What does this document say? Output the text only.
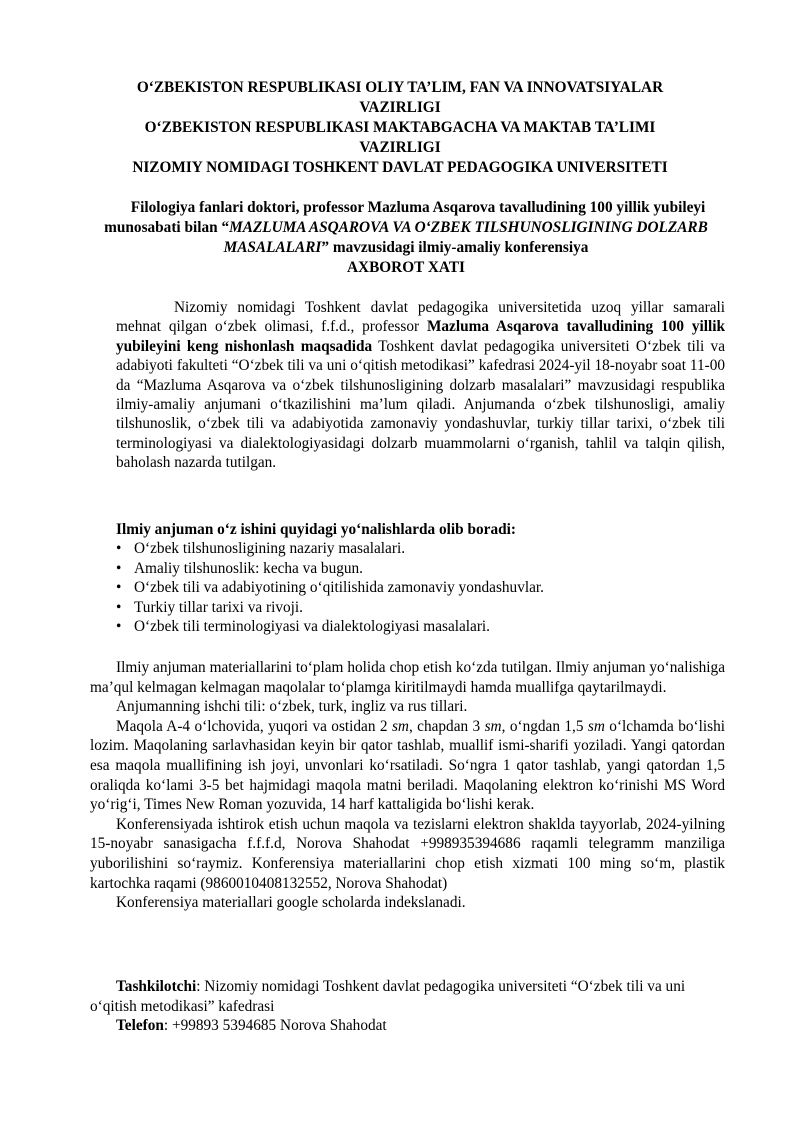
O‘ZBEKISTON RESPUBLIKASI OLIY TA’LIM, FAN VA INNOVATSIYALAR
VAZIRLIGI
O‘ZBEKISTON RESPUBLIKASI MAKTABGACHA VA MAKTAB TA’LIMI
VAZIRLIGI
NIZOMIY NOMIDAGI TOSHKENT DAVLAT PEDAGOGIKA UNIVERSITETI

Filologiya fanlari doktori, professor Mazluma Asqarova tavalludining 100 yillik yubileyi munosabati bilan “MAZLUMA ASQAROVA VA O‘ZBEK TILSHUNOSLIGINING DOLZARB MASALALARI” mavzusidagi ilmiy-amaliy konferensiya

AXBOROT XATI

Nizomiy nomidagi Toshkent davlat pedagogika universitetida uzoq yillar samarali mehnat qilgan o‘zbek olimasi, f.f.d., professor Mazluma Asqarova tavalludining 100 yillik yubileyini keng nishonlash maqsadida Toshkent davlat pedagogika universiteti O‘zbek tili va adabiyoti fakulteti “O‘zbek tili va uni o‘qitish metodikasi” kafedrasi 2024-yil 18-noyabr soat 11-00 da “Mazluma Asqarova va o‘zbek tilshunosligining dolzarb masalalari” mavzusidagi respublika ilmiy-amaliy anjumani o‘tkazilishini ma’lum qiladi. Anjumanda o‘zbek tilshunosligi, amaliy tilshunoslik, o‘zbek tili va adabiyotida zamonaviy yondashuvlar, turkiy tillar tarixi, o‘zbek tili terminologiyasi va dialektologiyasidagi dolzarb muammolarni o‘rganish, tahlil va talqin qilish, baholash nazarda tutilgan.

Ilmiy anjuman o‘z ishini quyidagi yo‘nalishlarda olib boradi:
• O‘zbek tilshunosligining nazariy masalalari.
• Amaliy tilshunoslik: kecha va bugun.
• O‘zbek tili va adabiyotining o‘qitilishida zamonaviy yondashuvlar.
• Turkiy tillar tarixi va rivoji.
• O‘zbek tili terminologiyasi va dialektologiyasi masalalari.

Ilmiy anjuman materiallarini to‘plam holida chop etish ko‘zda tutilgan. Ilmiy anjuman yo‘nalishiga ma’qul kelmagan kelmagan maqolalar to‘plamga kiritilmaydi hamda muallifga qaytarilmaydi.

Anjumanning ishchi tili: o‘zbek, turk, ingliz va rus tillari.

Maqola A-4 o‘lchovida, yuqori va ostidan 2 sm, chapdan 3 sm, o‘ngdan 1,5 sm o‘lchamda bo‘lishi lozim. Maqolaning sarlavhasidan keyin bir qator tashlab, muallif ismi-sharifi yoziladi. Yangi qatordan esa maqola muallifining ish joyi, unvonlari ko‘rsatiladi. So‘ngra 1 qator tashlab, yangi qatordan 1,5 oraliqda ko‘lami 3-5 bet hajmidagi maqola matni beriladi. Maqolaning elektron ko‘rinishi MS Word yo‘rig‘i, Times New Roman yozuvida, 14 harf kattaligida bo‘lishi kerak.

Konferensiyada ishtirok etish uchun maqola va tezislarni elektron shaklda tayyorlab, 2024-yilning 15-noyabr sanasigacha f.f.f.d, Norova Shahodat +998935394686 raqamli telegramm manziliga yuborilishini so‘raymiz. Konferensiya materiallarini chop etish xizmati 100 ming so‘m, plastik kartochka raqami (9860010408132552, Norova Shahodat)

Konferensiya materiallari google scholarda indekslanadi.

Tashkilotchi: Nizomiy nomidagi Toshkent davlat pedagogika universiteti “O‘zbek tili va uni o‘qitish metodikasi” kafedrasi

Telefon: +99893 5394685 Norova Shahodat
